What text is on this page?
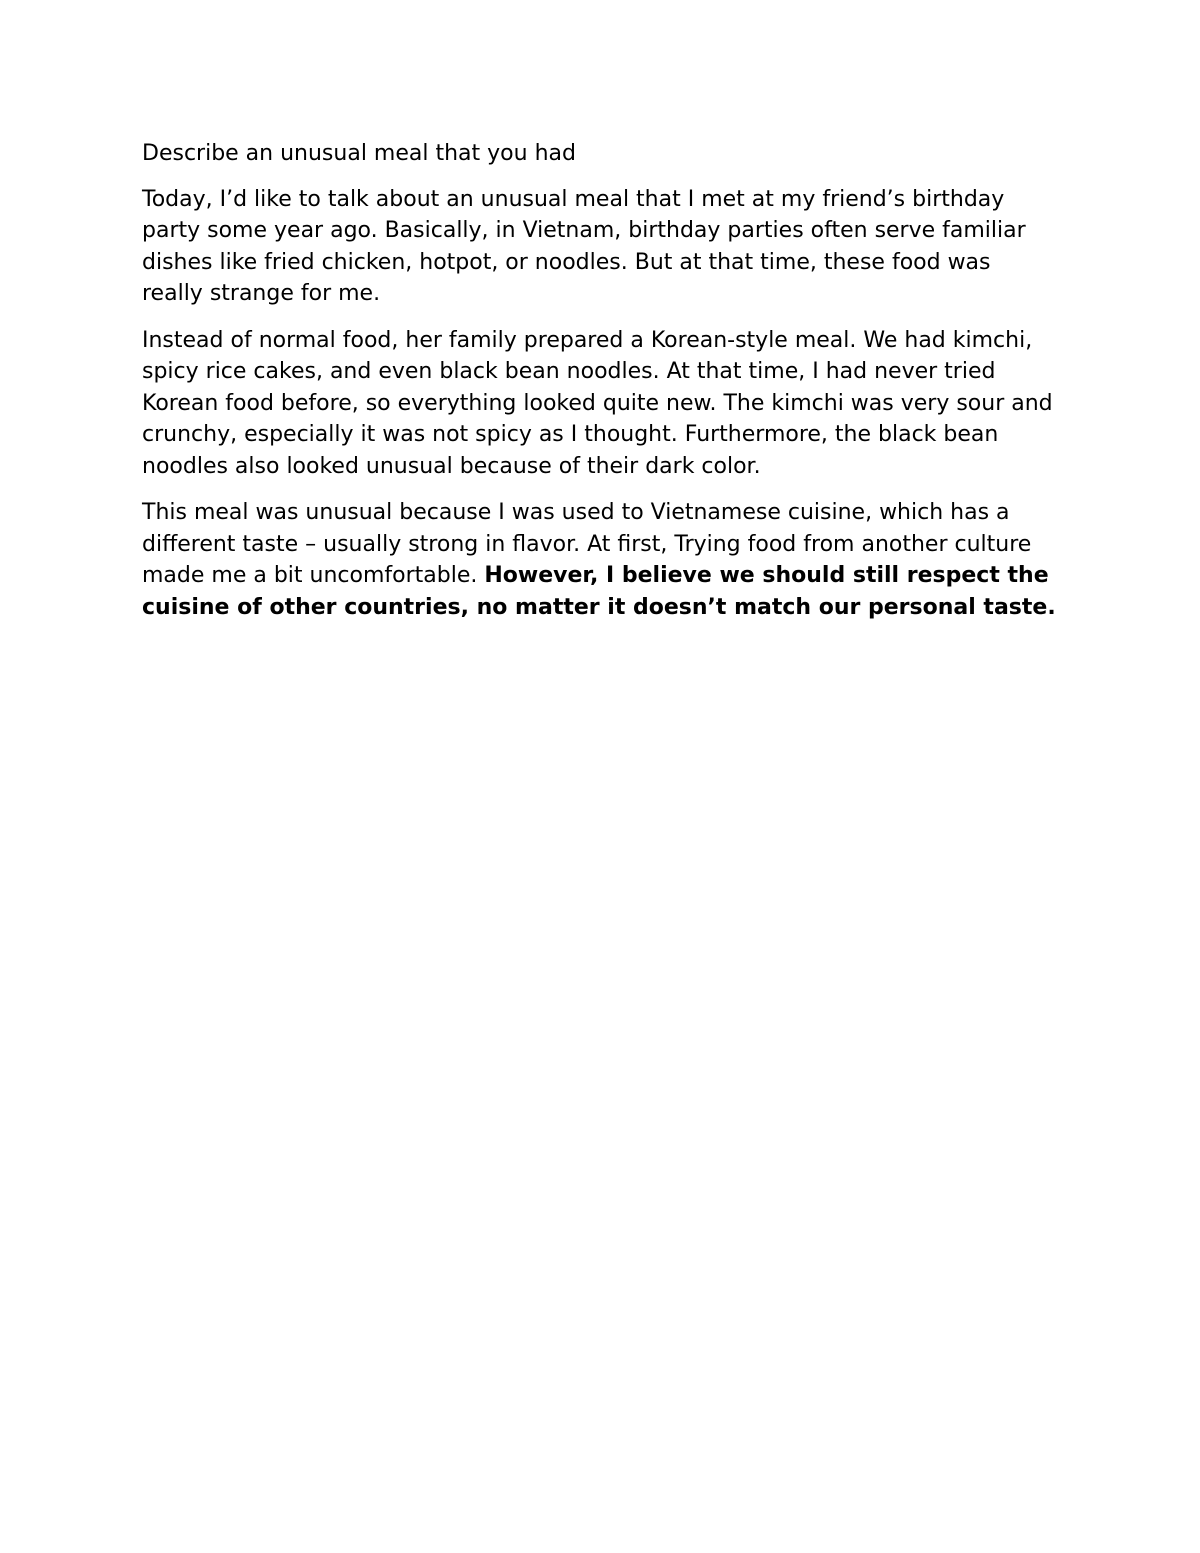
Describe an unusual meal that you had

Today, I’d like to talk about an unusual meal that I met at my friend’s birthday party some year ago. Basically, in Vietnam, birthday parties often serve familiar dishes like fried chicken, hotpot, or noodles. But at that time, these food was really strange for me.

Instead of normal food, her family prepared a Korean-style meal. We had kimchi, spicy rice cakes, and even black bean noodles. At that time, I had never tried Korean food before, so everything looked quite new. The kimchi was very sour and crunchy, especially it was not spicy as I thought. Furthermore, the black bean noodles also looked unusual because of their dark color.

This meal was unusual because I was used to Vietnamese cuisine, which has a different taste – usually strong in flavor. At first, Trying food from another culture made me a bit uncomfortable. However, I believe we should still respect the cuisine of other countries, no matter it doesn’t match our personal taste.
